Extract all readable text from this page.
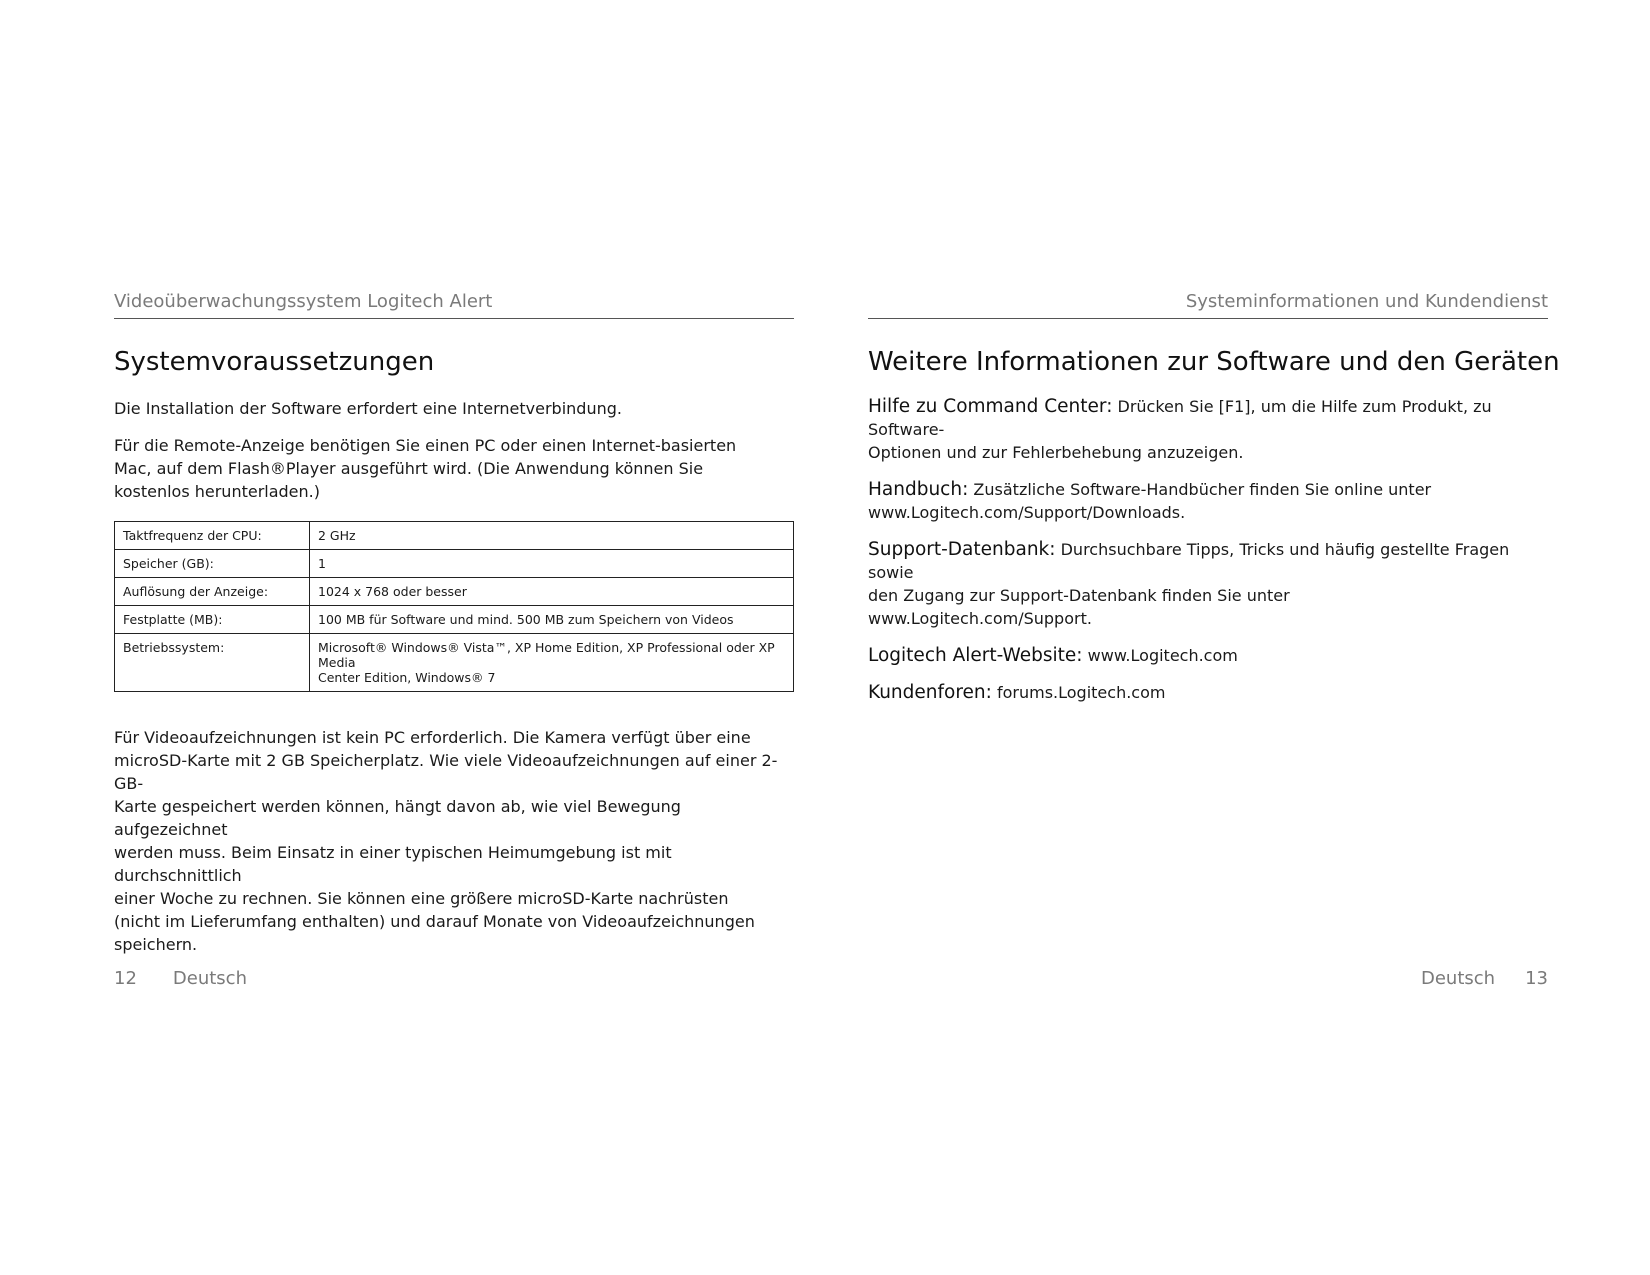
Videoüberwachungssystem Logitech Alert
Systemvoraussetzungen

Die Installation der Software erfordert eine Internetverbindung.

Für die Remote-Anzeige benötigen Sie einen PC oder einen Internet-basierten
Mac, auf dem Flash®Player ausgeführt wird. (Die Anwendung können Sie
kostenlos herunterladen.)

Taktfrequenz der CPU:	2 GHz
Speicher (GB):	1
Auflösung der Anzeige:	1024 x 768 oder besser
Festplatte (MB):	100 MB für Software und mind. 500 MB zum Speichern von Videos
Betriebssystem:	Microsoft® Windows® Vista™, XP Home Edition, XP Professional oder XP Media
Center Edition, Windows® 7

Für Videoaufzeichnungen ist kein PC erforderlich. Die Kamera verfügt über eine
microSD-Karte mit 2 GB Speicherplatz. Wie viele Videoaufzeichnungen auf einer 2-GB-
Karte gespeichert werden können, hängt davon ab, wie viel Bewegung aufgezeichnet
werden muss. Beim Einsatz in einer typischen Heimumgebung ist mit durchschnittlich
einer Woche zu rechnen. Sie können eine größere microSD-Karte nachrüsten
(nicht im Lieferumfang enthalten) und darauf Monate von Videoaufzeichnungen
speichern.

12 Deutsch
Systeminformationen und Kundendienst
Weitere Informationen zur Software und den Geräten
Hilfe zu Command Center: Drücken Sie [F1], um die Hilfe zum Produkt, zu Software-
Optionen und zur Fehlerbehebung anzuzeigen.
Handbuch: Zusätzliche Software-Handbücher finden Sie online unter
www.Logitech.com/Support/Downloads.
Support-Datenbank: Durchsuchbare Tipps, Tricks und häufig gestellte Fragen sowie
den Zugang zur Support-Datenbank finden Sie unter
www.Logitech.com/Support.
Logitech Alert-Website: www.Logitech.com
Kundenforen: forums.Logitech.com
Deutsch 13
